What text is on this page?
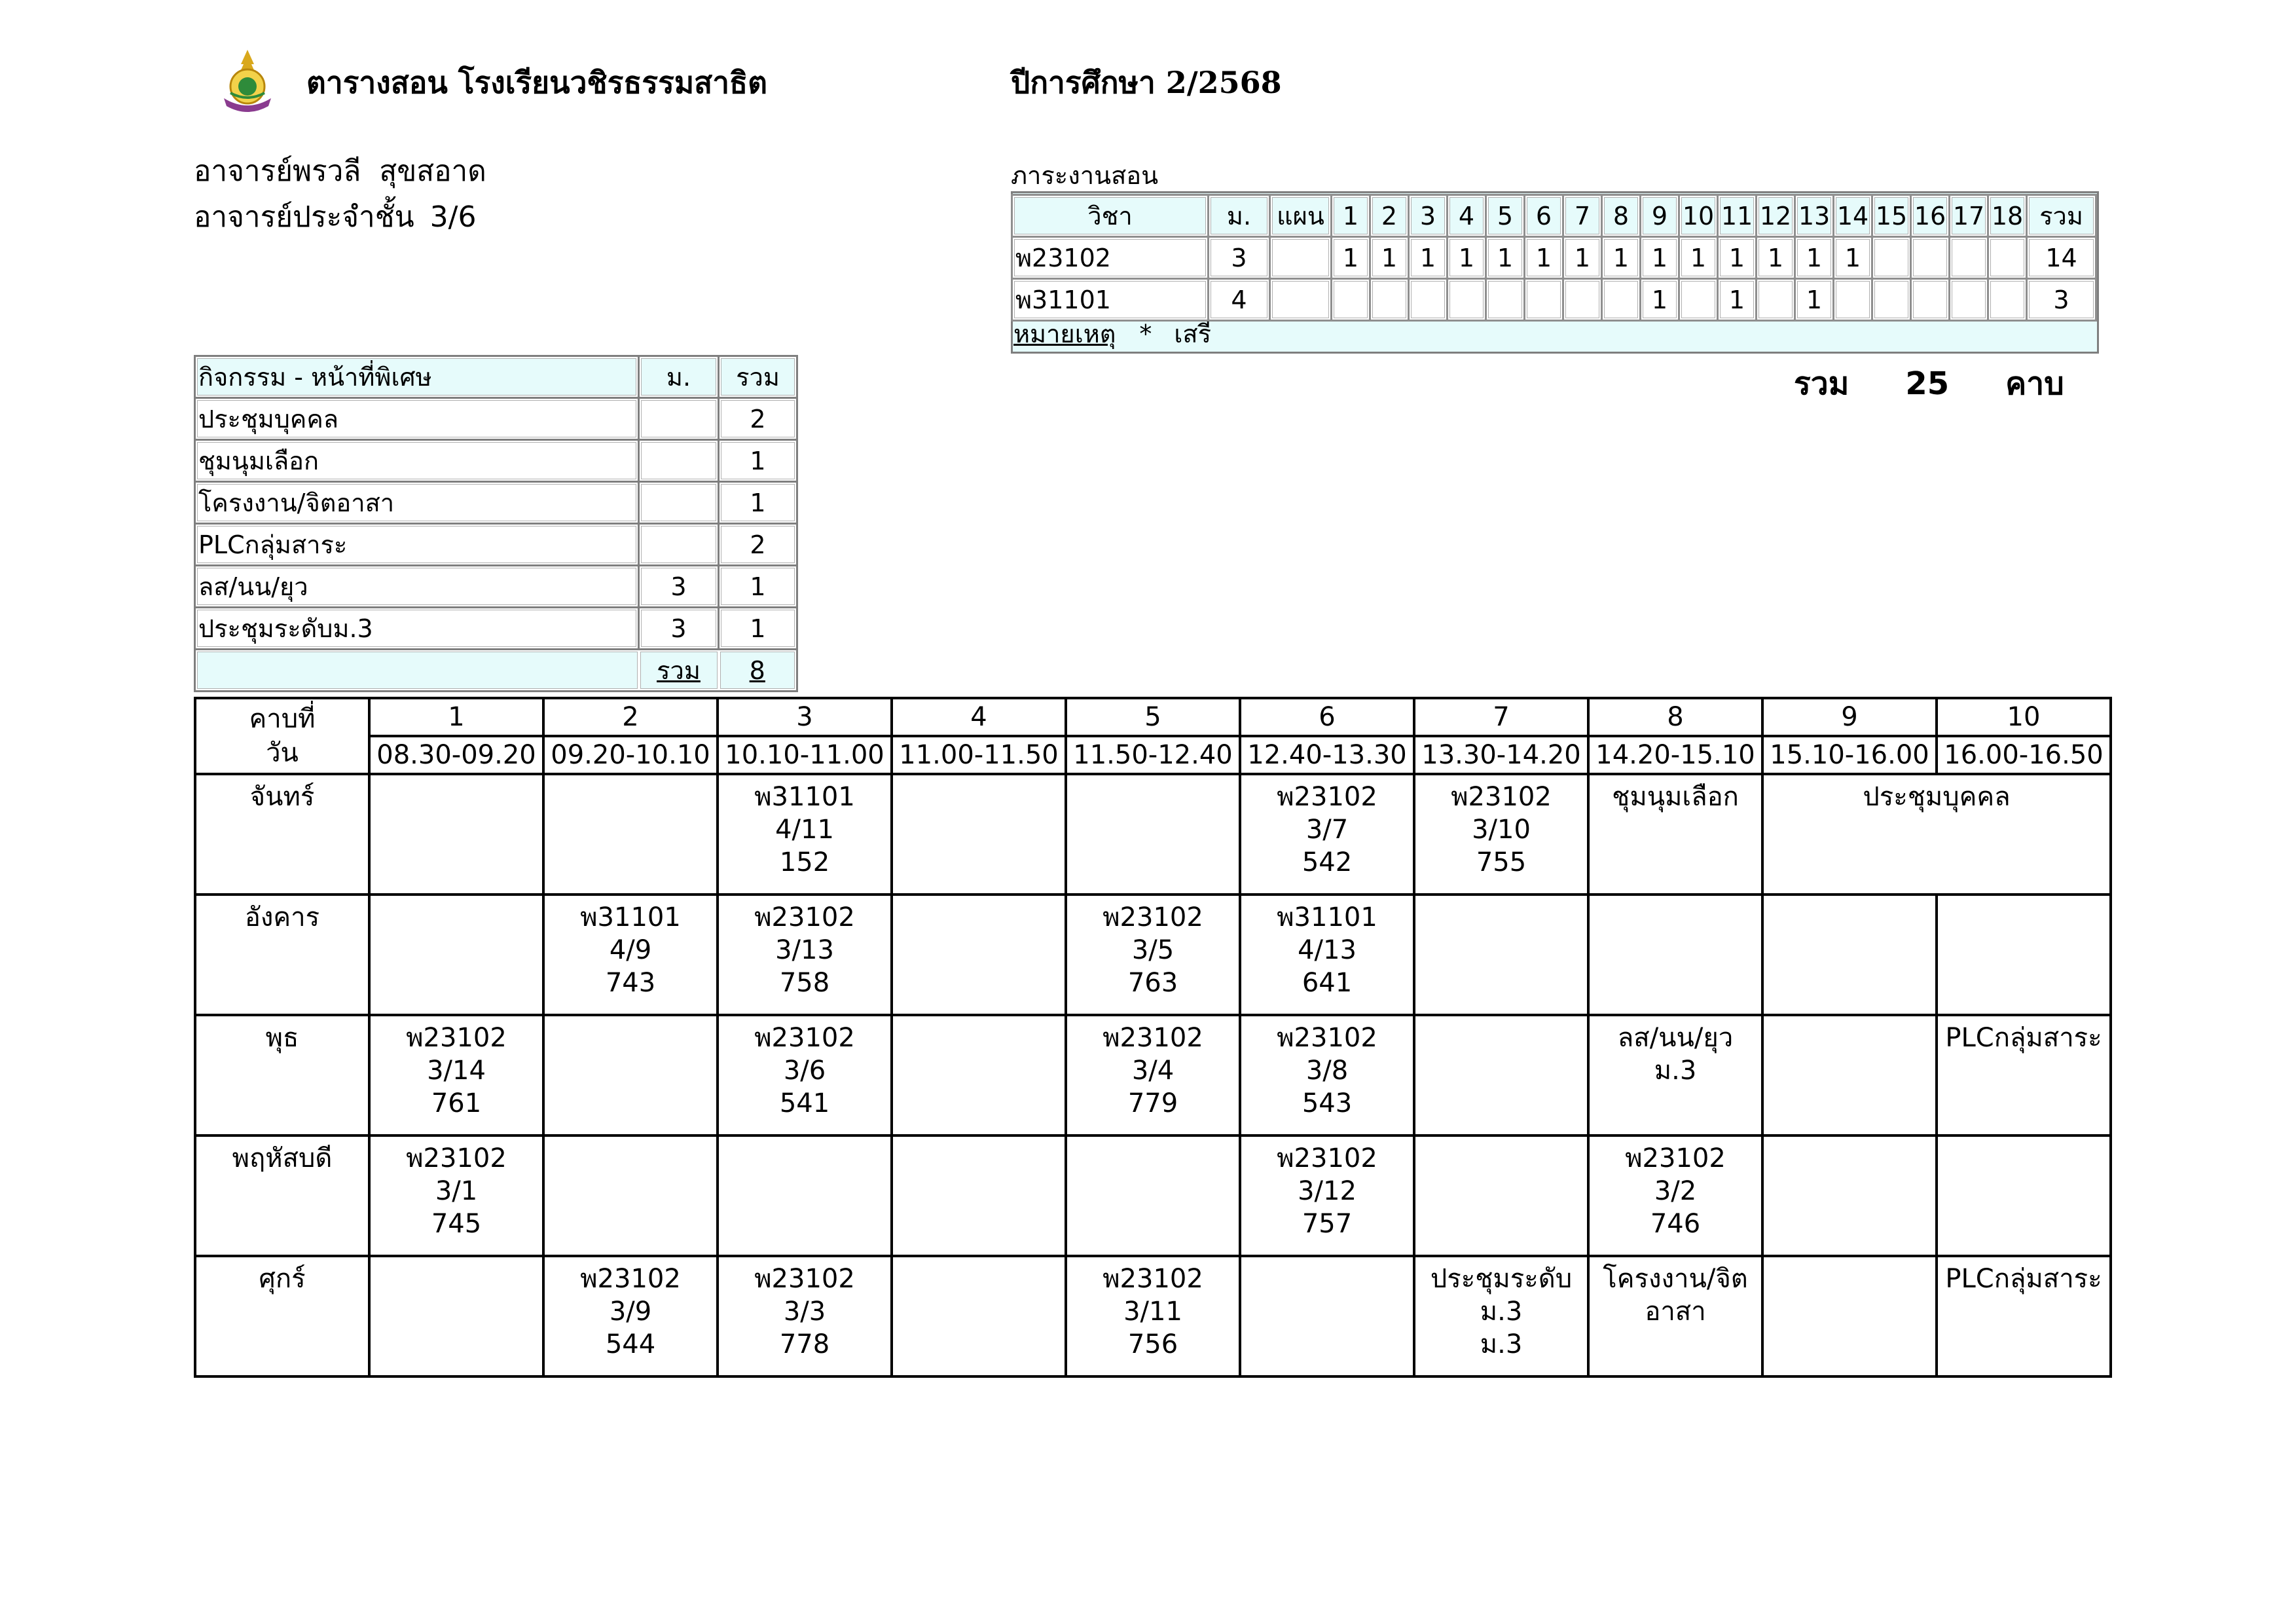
ตารางสอน โรงเรียนวชิรธรรมสาธิต	ปีการศึกษา 2/2568
อาจารย์พรวลี สุขสอาด
อาจารย์ประจำชั้น 3/6
กิจกรรม - หน้าที่พิเศษ	ม.	รวม
ประชุมบุคคล		2
ชุมนุมเลือก		1
โครงงาน/จิตอาสา		1
PLCกลุ่มสาระ		2
ลส/นน/ยุว	3	1
ประชุมระดับม.3	3	1
	รวม	8
ภาระงานสอน
วิชา	ม.	แผน	1	2	3	4	5	6	7	8	9	10	11	12	13	14	15	16	17	18	รวม
พ23102	3		1	1	1	1	1	1	1	1	1	1	1	1	1	1					14
พ31101	4										1		1		1						3
หมายเหตุ * เสรี
รวม 25 คาบ
คาบที่
วัน	1	2	3	4	5	6	7	8	9	10
	08.30-09.20	09.20-10.10	10.10-11.00	11.00-11.50	11.50-12.40	12.40-13.30	13.30-14.20	14.20-15.10	15.10-16.00	16.00-16.50
จันทร์			พ31101
4/11
152			พ23102
3/7
542	พ23102
3/10
755	ชุมนุมเลือก	ประชุมบุคคล	

อังคาร		พ31101
4/9
743	พ23102
3/13
758		พ23102
3/5
763	พ31101
4/13
641				

พุธ	พ23102
3/14
761		พ23102
3/6
541		พ23102
3/4
779	พ23102
3/8
543		ลส/นน/ยุว
ม.3		PLCกลุ่มสาระ

พฤหัสบดี	พ23102
3/1
745					พ23102
3/12
757		พ23102
3/2
746		

ศุกร์		พ23102
3/9
544	พ23102
3/3
778		พ23102
3/11
756		ประชุมระดับ
ม.3
ม.3	โครงงาน/จิต
อาสา		PLCกลุ่มสาระ
